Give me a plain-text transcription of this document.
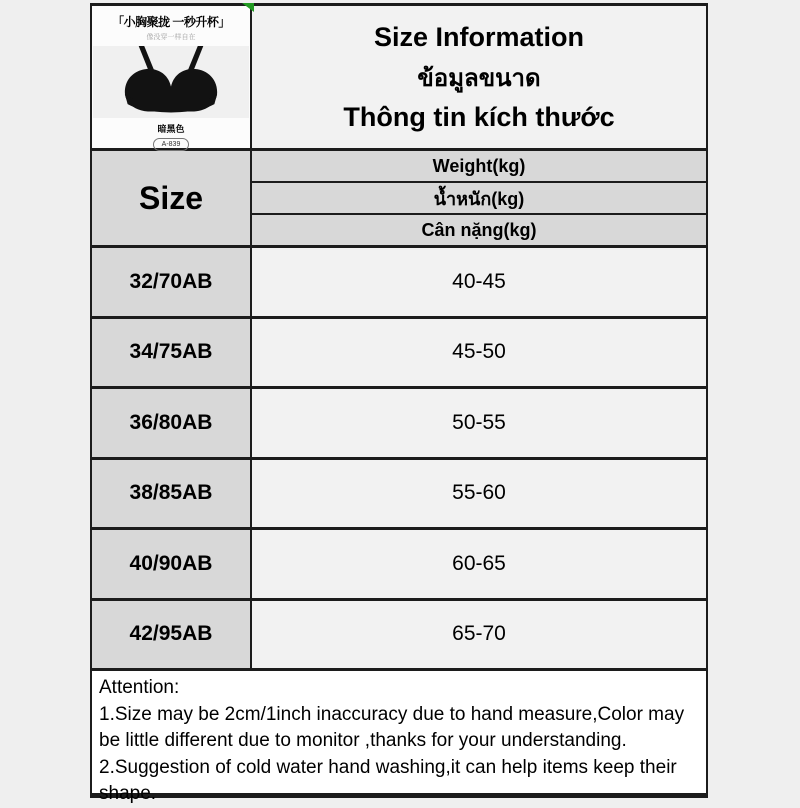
「小胸聚拢 一秒升杯」
像没穿一样自在
暗黑色
A-839
Size Information
ข้อมูลขนาด
Thông tin kích thước
Size
Weight(kg)
น้ำหนัก(kg)
Cân nặng(kg)
32/70AB	40-45
34/75AB	45-50
36/80AB	50-55
38/85AB	55-60
40/90AB	60-65
42/95AB	65-70
Attention:
1.Size may be 2cm/1inch inaccuracy due to hand measure,Color may be little different due to monitor ,thanks for your understanding.
2.Suggestion of cold water hand washing,it can help items keep their shape.
